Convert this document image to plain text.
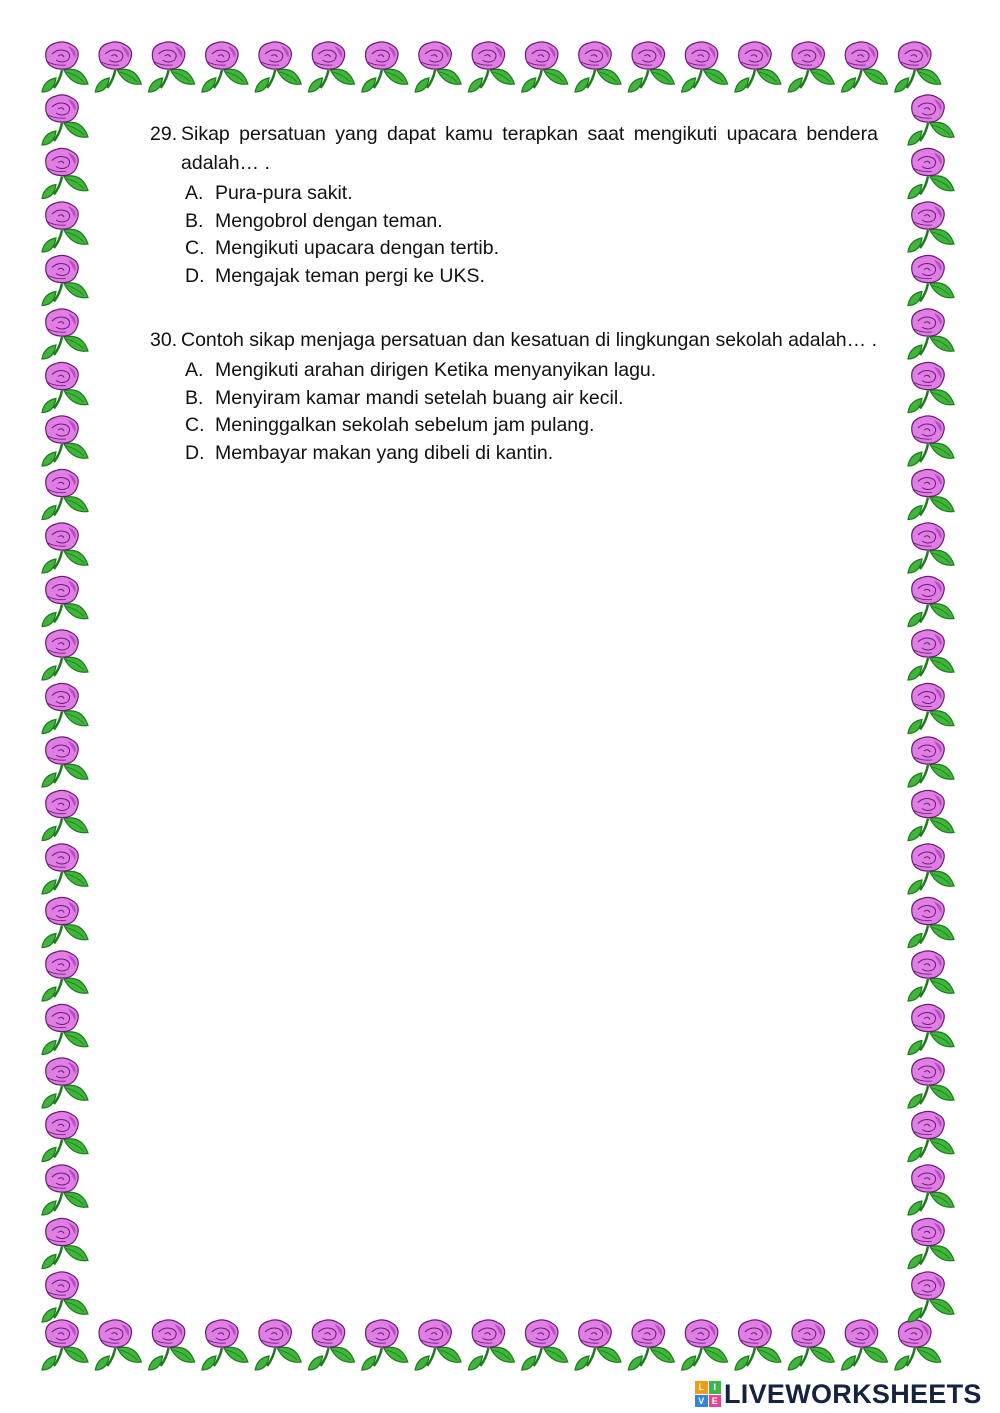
29. Sikap persatuan yang dapat kamu terapkan saat mengikuti upacara bendera adalah… .
A. Pura-pura sakit.
B. Mengobrol dengan teman.
C. Mengikuti upacara dengan tertib.
D. Mengajak teman pergi ke UKS.
30. Contoh sikap menjaga persatuan dan kesatuan di lingkungan sekolah adalah… .
A. Mengikuti arahan dirigen Ketika menyanyikan lagu.
B. Menyiram kamar mandi setelah buang air kecil.
C. Meninggalkan sekolah sebelum jam pulang.
D. Membayar makan yang dibeli di kantin.
L	I
V E LIVEWORKSHEETS
